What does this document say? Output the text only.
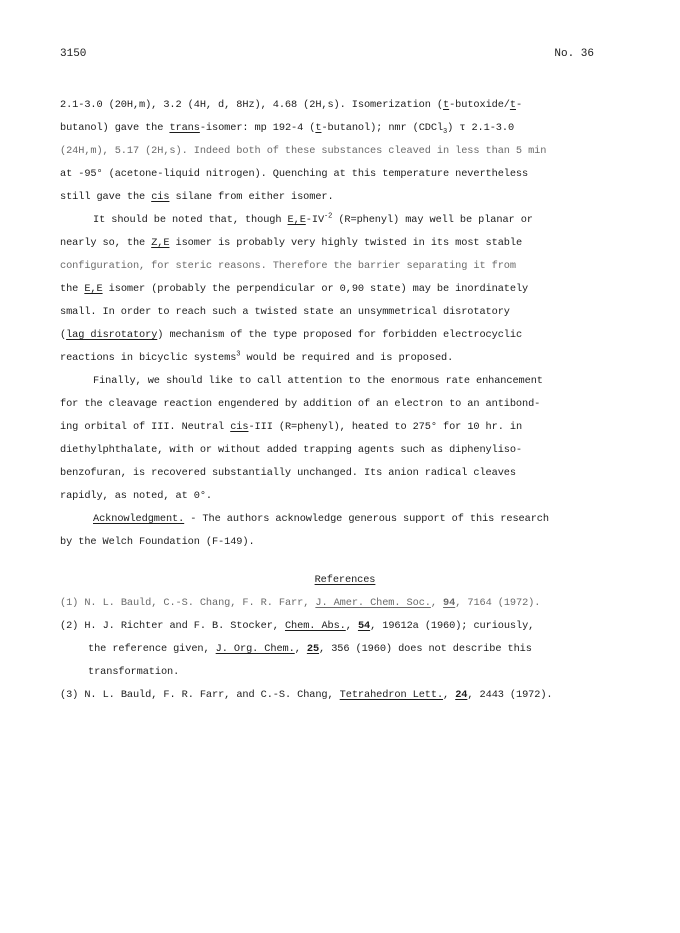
3150	No. 36
2.1-3.0 (20H,m), 3.2 (4H, d, 8Hz), 4.68 (2H,s). Isomerization (t-butoxide/t-
butanol) gave the trans-isomer: mp 192-4 (t-butanol); nmr (CDCl$_3$) τ 2.1-3.0
(24H,m), 5.17 (2H,s). Indeed both of these substances cleaved in less than 5 min
at -95° (acetone-liquid nitrogen). Quenching at this temperature nevertheless
still gave the cis silane from either isomer.
It should be noted that, though $E,E-IV^{-2}$ (R=phenyl) may well be planar or
nearly so, the Z,E isomer is probably very highly twisted in its most stable
configuration, for steric reasons. Therefore the barrier separating it from
the E,E isomer (probably the perpendicular or 0,90 state) may be inordinately
small. In order to reach such a twisted state an unsymmetrical disrotatory
(lag disrotatory) mechanism of the type proposed for forbidden electrocyclic
reactions in bicyclic systems$^3$ would be required and is proposed.
Finally, we should like to call attention to the enormous rate enhancement
for the cleavage reaction engendered by addition of an electron to an antibond-
ing orbital of III. Neutral cis-III (R=phenyl), heated to 275° for 10 hr. in
diethylphthalate, with or without added trapping agents such as diphenyliso-
benzofuran, is recovered substantially unchanged. Its anion radical cleaves
rapidly, as noted, at 0°.
Acknowledgment. - The authors acknowledge generous support of this research
by the Welch Foundation (F-149).
References
(1) N. L. Bauld, C.-S. Chang, F. R. Farr, J. Amer. Chem. Soc., 94, 7164 (1972).
(2) H. J. Richter and F. B. Stocker, Chem. Abs., 54, 19612a (1960); curiously,
the reference given, J. Org. Chem., 25, 356 (1960) does not describe this
transformation.
(3) N. L. Bauld, F. R. Farr, and C.-S. Chang, Tetrahedron Lett., 24, 2443 (1972).
